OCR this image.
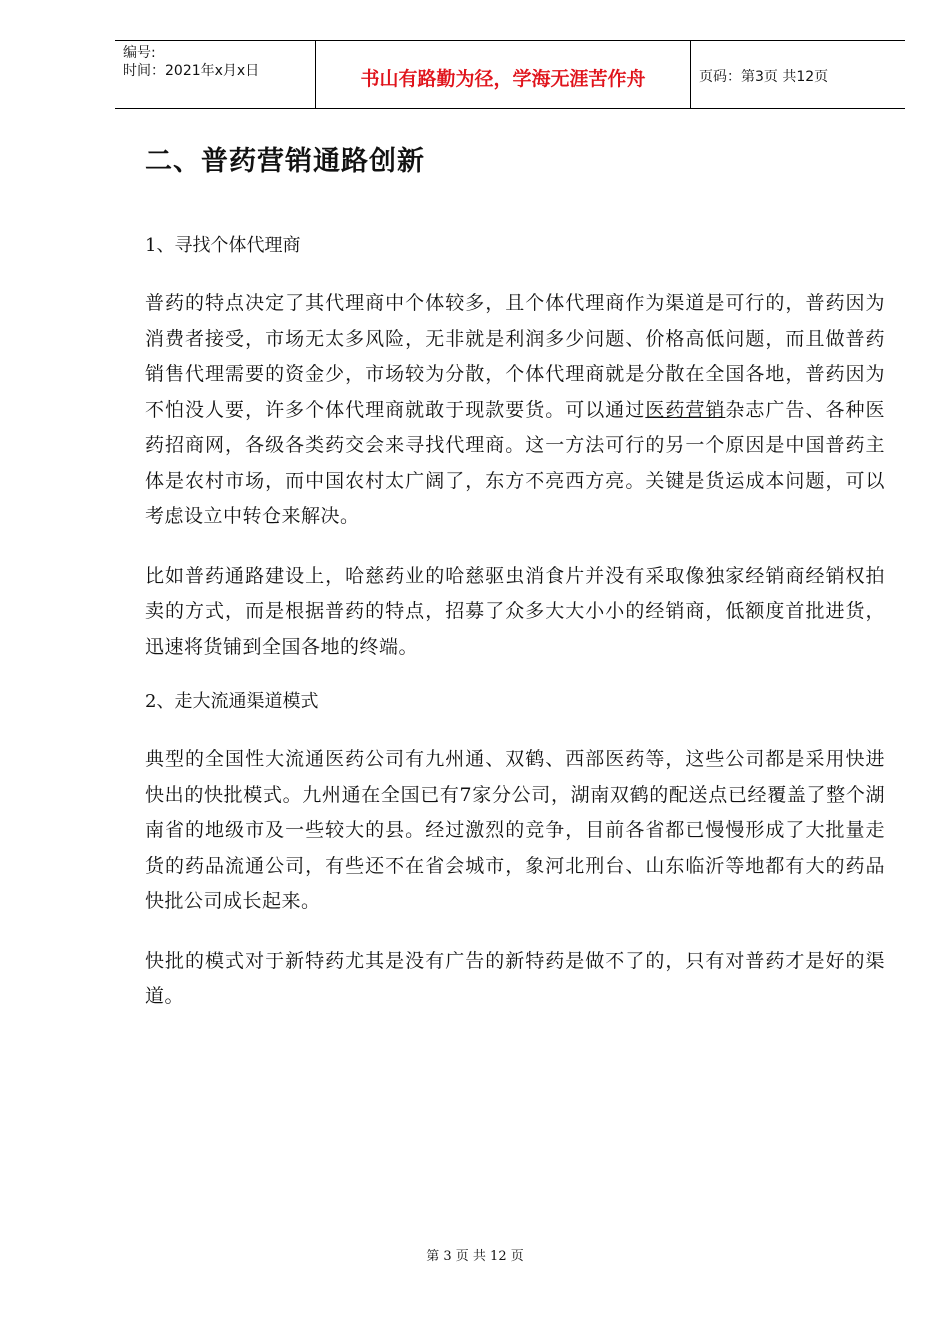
编号:
时间：2021年x月x日	书山有路勤为径，学海无涯苦作舟	页码：第3页 共12页
二、普药营销通路创新

1、寻找个体代理商

普药的特点决定了其代理商中个体较多，且个体代理商作为渠道是可行的，普药因为消费者接受，市场无太多风险，无非就是利润多少问题、价格高低问题，而且做普药销售代理需要的资金少，市场较为分散，个体代理商就是分散在全国各地，普药因为不怕没人要，许多个体代理商就敢于现款要货。可以通过医药营销杂志广告、各种医药招商网，各级各类药交会来寻找代理商。这一方法可行的另一个原因是中国普药主体是农村市场，而中国农村太广阔了，东方不亮西方亮。关键是货运成本问题，可以考虑设立中转仓来解决。

比如普药通路建设上，哈慈药业的哈慈驱虫消食片并没有采取像独家经销商经销权拍卖的方式，而是根据普药的特点，招募了众多大大小小的经销商，低额度首批进货，迅速将货铺到全国各地的终端。

2、走大流通渠道模式

典型的全国性大流通医药公司有九州通、双鹤、西部医药等，这些公司都是采用快进快出的快批模式。九州通在全国已有7家分公司，湖南双鹤的配送点已经覆盖了整个湖南省的地级市及一些较大的县。经过激烈的竞争，目前各省都已慢慢形成了大批量走货的药品流通公司，有些还不在省会城市，象河北刑台、山东临沂等地都有大的药品快批公司成长起来。

快批的模式对于新特药尤其是没有广告的新特药是做不了的，只有对普药才是好的渠道。

第 3 页 共 12 页
